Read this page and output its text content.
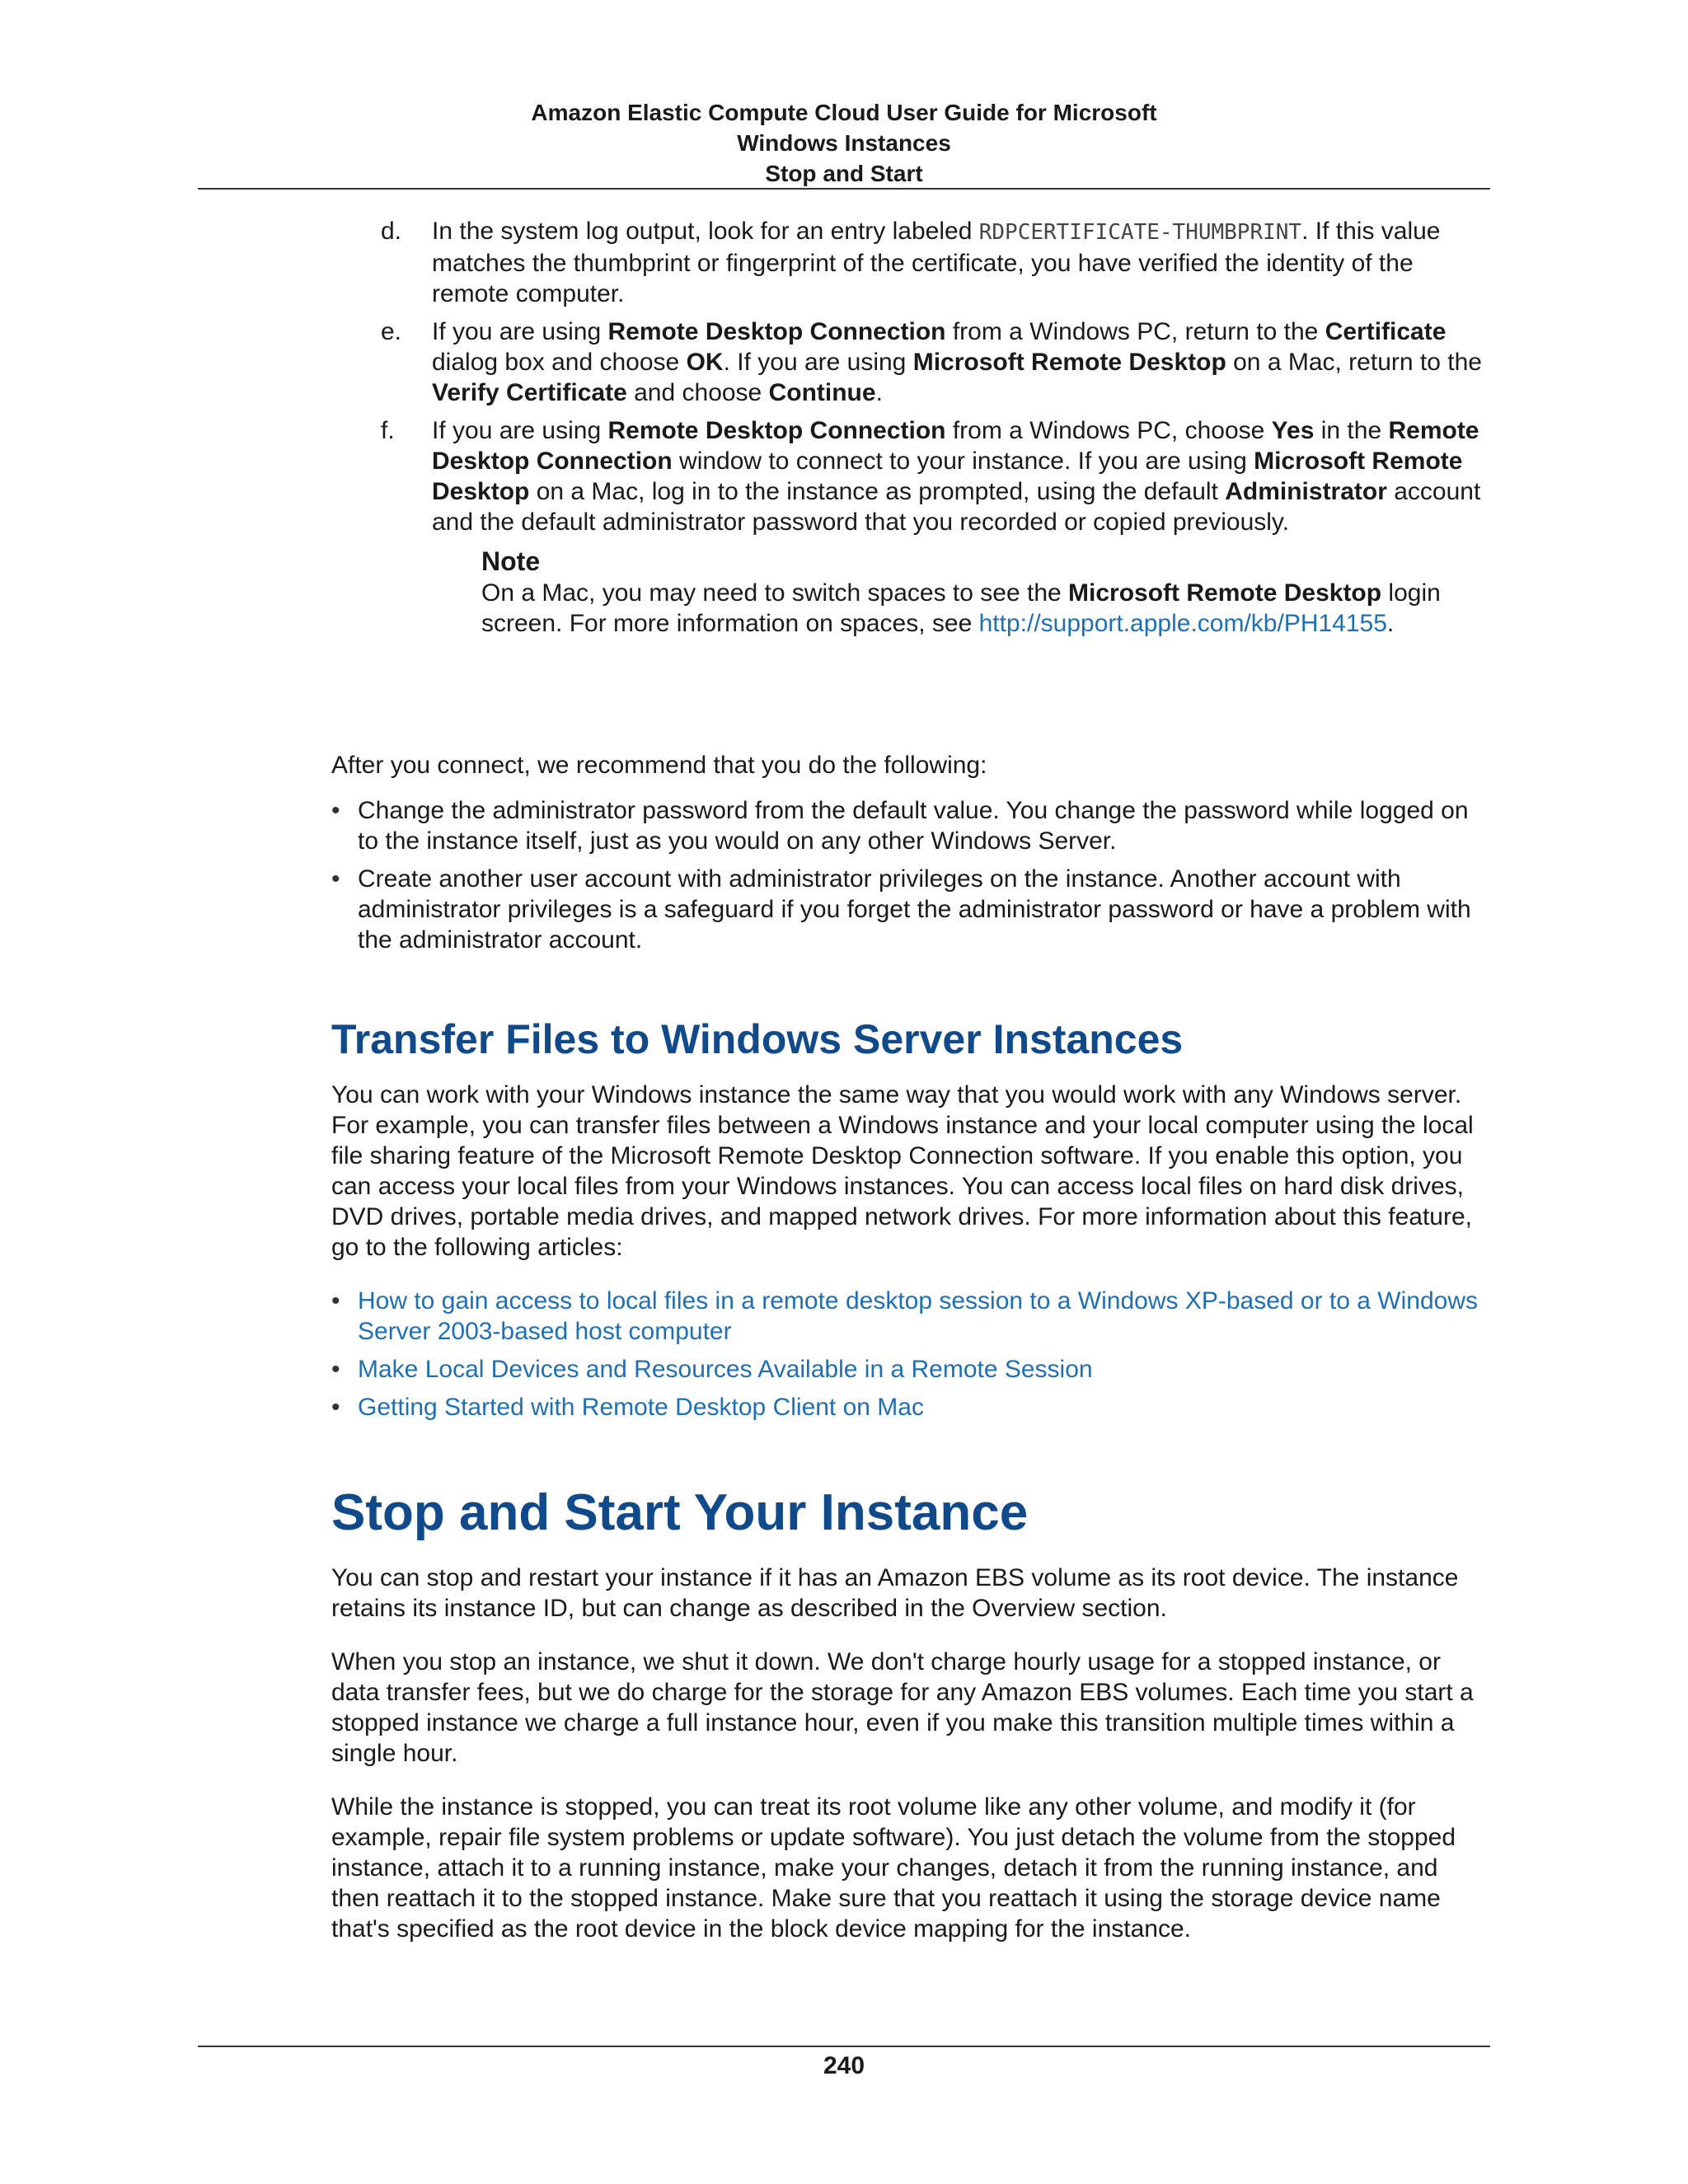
Amazon Elastic Compute Cloud User Guide for Microsoft
Windows Instances
Stop and Start
d.	In the system log output, look for an entry labeled RDPCERTIFICATE-THUMBPRINT. If this value matches the thumbprint or fingerprint of the certificate, you have verified the identity of the remote computer.
e.	If you are using Remote Desktop Connection from a Windows PC, return to the Certificate dialog box and choose OK. If you are using Microsoft Remote Desktop on a Mac, return to the Verify Certificate and choose Continue.
f.	If you are using Remote Desktop Connection from a Windows PC, choose Yes in the Remote Desktop Connection window to connect to your instance. If you are using Microsoft Remote Desktop on a Mac, log in to the instance as prompted, using the default Administrator account and the default administrator password that you recorded or copied previously.
Note
On a Mac, you may need to switch spaces to see the Microsoft Remote Desktop login screen. For more information on spaces, see http://support.apple.com/kb/PH14155.

After you connect, we recommend that you do the following:

• Change the administrator password from the default value. You change the password while logged on to the instance itself, just as you would on any other Windows Server.
• Create another user account with administrator privileges on the instance. Another account with administrator privileges is a safeguard if you forget the administrator password or have a problem with the administrator account.
Transfer Files to Windows Server Instances

You can work with your Windows instance the same way that you would work with any Windows server. For example, you can transfer files between a Windows instance and your local computer using the local file sharing feature of the Microsoft Remote Desktop Connection software. If you enable this option, you can access your local files from your Windows instances. You can access local files on hard disk drives, DVD drives, portable media drives, and mapped network drives. For more information about this feature, go to the following articles:

• How to gain access to local files in a remote desktop session to a Windows XP-based or to a Windows Server 2003-based host computer
• Make Local Devices and Resources Available in a Remote Session
• Getting Started with Remote Desktop Client on Mac
Stop and Start Your Instance

You can stop and restart your instance if it has an Amazon EBS volume as its root device. The instance retains its instance ID, but can change as described in the Overview section.

When you stop an instance, we shut it down. We don't charge hourly usage for a stopped instance, or data transfer fees, but we do charge for the storage for any Amazon EBS volumes. Each time you start a stopped instance we charge a full instance hour, even if you make this transition multiple times within a single hour.

While the instance is stopped, you can treat its root volume like any other volume, and modify it (for example, repair file system problems or update software). You just detach the volume from the stopped instance, attach it to a running instance, make your changes, detach it from the running instance, and then reattach it to the stopped instance. Make sure that you reattach it using the storage device name that's specified as the root device in the block device mapping for the instance.

240
